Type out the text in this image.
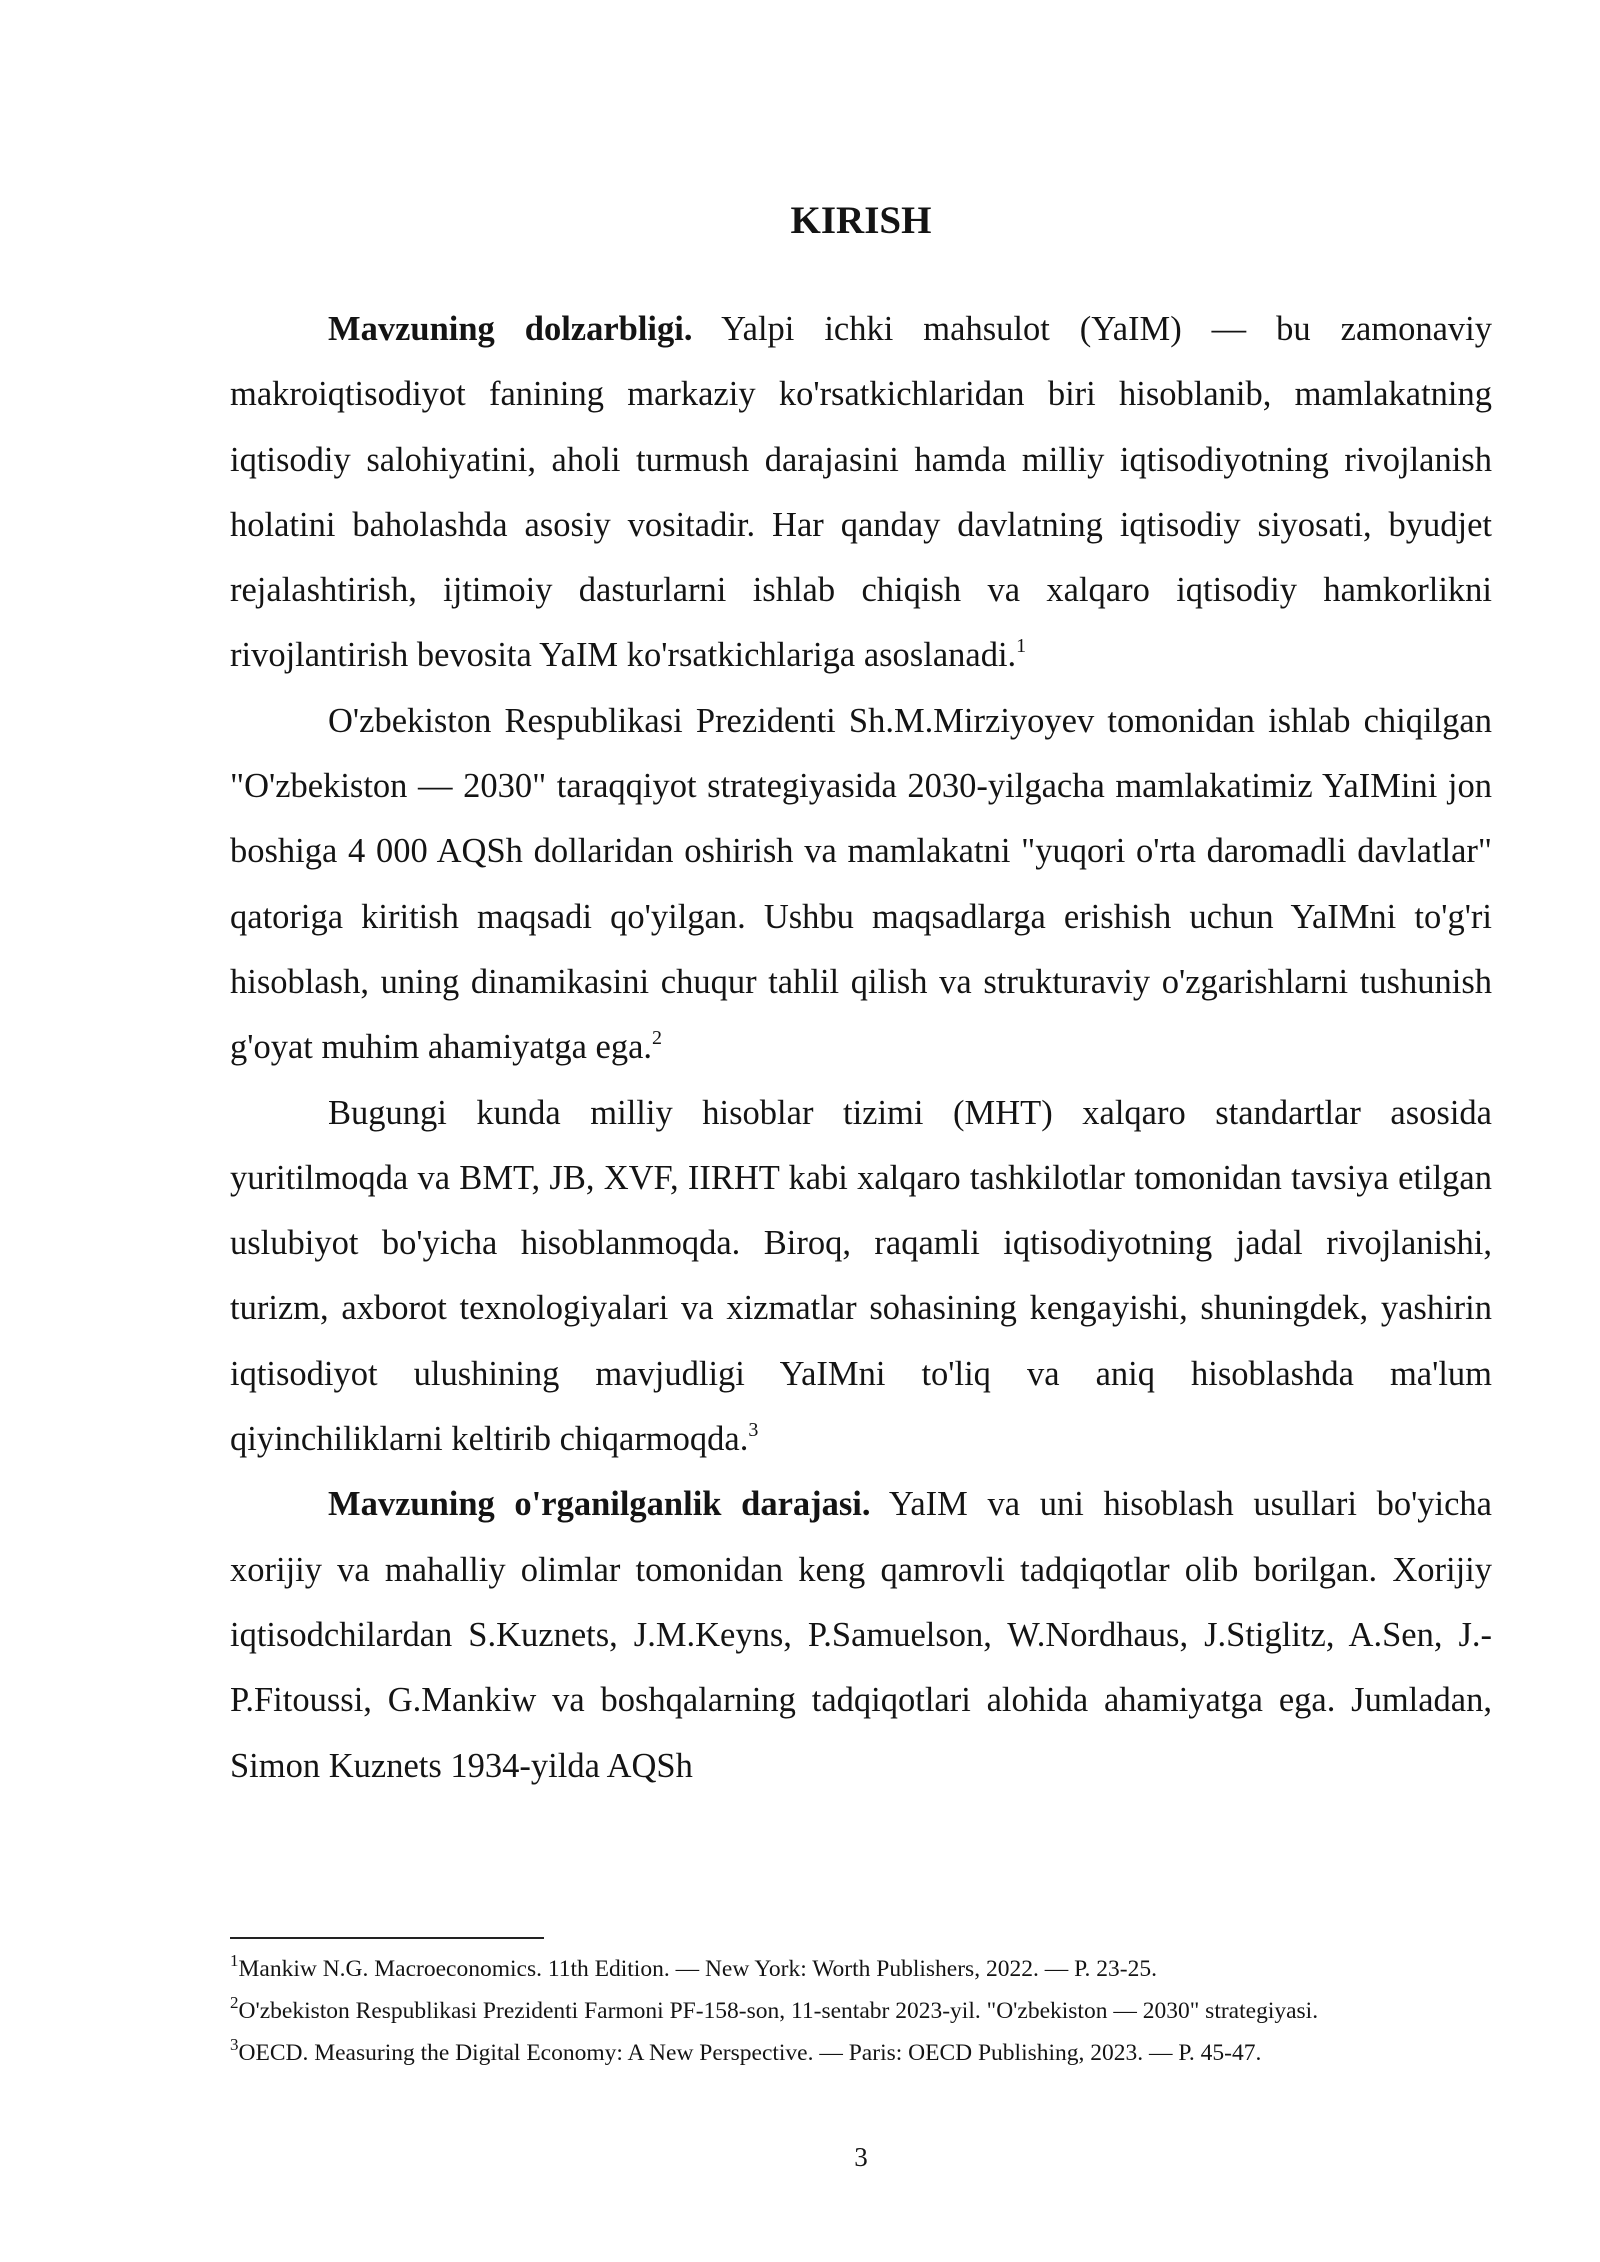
KIRISH

Mavzuning dolzarbligi. Yalpi ichki mahsulot (YaIM) — bu zamonaviy makroiqtisodiyot fanining markaziy ko'rsatkichlaridan biri hisoblanib, mamlakatning iqtisodiy salohiyatini, aholi turmush darajasini hamda milliy iqtisodiyotning rivojlanish holatini baholashda asosiy vositadir. Har qanday davlatning iqtisodiy siyosati, byudjet rejalashtirish, ijtimoiy dasturlarni ishlab chiqish va xalqaro iqtisodiy hamkorlikni rivojlantirish bevosita YaIM ko'rsatkichlariga asoslanadi.$^1$

O'zbekiston Respublikasi Prezidenti Sh.M.Mirziyoyev tomonidan ishlab chiqilgan "O'zbekiston — 2030" taraqqiyot strategiyasida 2030-yilgacha mamlakatimiz YaIMini jon boshiga 4 000 AQSh dollaridan oshirish va mamlakatni "yuqori o'rta daromadli davlatlar" qatoriga kiritish maqsadi qo'yilgan. Ushbu maqsadlarga erishish uchun YaIMni to'g'ri hisoblash, uning dinamikasini chuqur tahlil qilish va strukturaviy o'zgarishlarni tushunish g'oyat muhim ahamiyatga ega.$^2$

Bugungi kunda milliy hisoblar tizimi (MHT) xalqaro standartlar asosida yuritilmoqda va BMT, JB, XVF, IIRHT kabi xalqaro tashkilotlar tomonidan tavsiya etilgan uslubiyot bo'yicha hisoblanmoqda. Biroq, raqamli iqtisodiyotning jadal rivojlanishi, turizm, axborot texnologiyalari va xizmatlar sohasining kengayishi, shuningdek, yashirin iqtisodiyot ulushining mavjudligi YaIMni to'liq va aniq hisoblashda ma'lum qiyinchiliklarni keltirib chiqarmoqda.$^3$

Mavzuning o'rganilganlik darajasi. YaIM va uni hisoblash usullari bo'yicha xorijiy va mahalliy olimlar tomonidan keng qamrovli tadqiqotlar olib borilgan. Xorijiy iqtisodchilardan S.Kuznets, J.M.Keyns, P.Samuelson, W.Nordhaus, J.Stiglitz, A.Sen, J.-P.Fitoussi, G.Mankiw va boshqalarning tadqiqotlari alohida ahamiyatga ega. Jumladan, Simon Kuznets 1934-yilda AQSh

$^1$Mankiw N.G. Macroeconomics. 11th Edition. — New York: Worth Publishers, 2022. — P. 23-25.

$^2$O'zbekiston Respublikasi Prezidenti Farmoni PF-158-son, 11-sentabr 2023-yil. "O'zbekiston — 2030" strategiyasi.

$^3$OECD. Measuring the Digital Economy: A New Perspective. — Paris: OECD Publishing, 2023. — P. 45-47.

3
